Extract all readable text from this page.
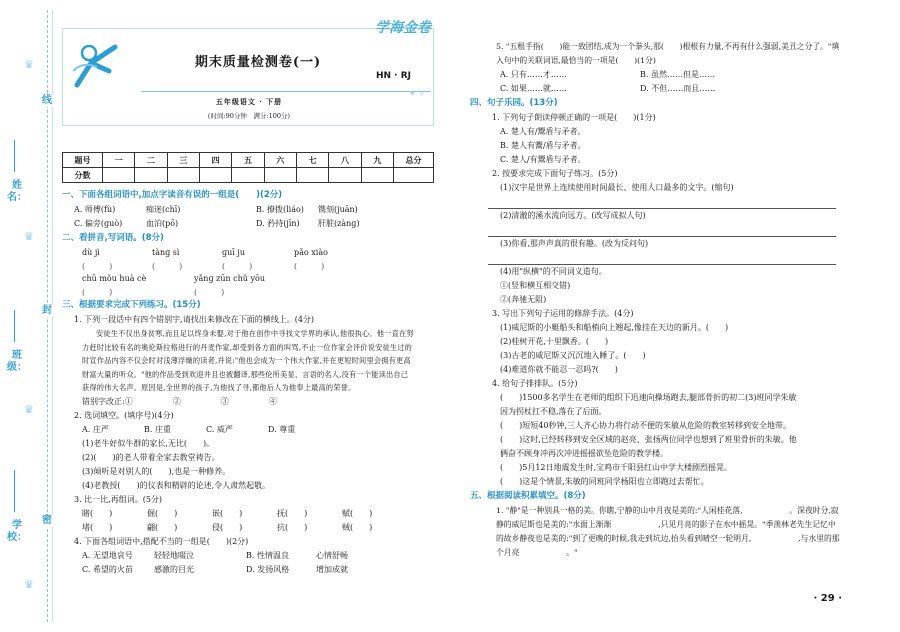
姓名：
班级：
学校：
线
封
密
♛
♛
♛
♛
学海金卷
期末质量检测卷(一)
HN · RJ
五年级语文 · 下册
(时间:90分钟　满分:100分)
✦ ✧
题号	一	二	三	四	五	六	七	八	九	总分
分数										
一、下面各组词语中,加点字读音有误的一组是(　　)(2分)
A. 师傅(fù)	痴迷(chī)	B. 撩拨(liáo)	镌刻(juān)
C. 偏旁(ɡuò)	血泊(pō)	D. 矜持(jīn)	肝脏(zànɡ)
二、看拼音,写词语。(8分)
dù jì	tànɡ sì	ɡuī ju	pǎo xiào
(　　　)	(　　　)	(　　　)	(　　　)
chū mǒu huà cè	yǎnɡ zūn chǔ yōu
(　　　)	(　　　)
三、根据要求完成下列练习。(15分)
1. 下列一段话中有四个错别字,请找出来修改在下面的横线上。(4分)
安徒生不仅出身贫寒,而且足以终身未娶,对于他在创作中寻找文学界的承认,他很执心。他一直在努力赶时比较有名的奥伦斯拉格进行的丹麦作家,却受到各方面的叫骂,不止一位作家会评价说安徒生过的时宣作品内容不仅会时对浅薄浮燥的读者,并说:"他也会成为一个伟大作家,并在更短时间里会拥有更高财富大量的听众。"他的作品受到欢迎并且也被翻译,那些伦所美显、言语的名人,没有一个能读出自己获得的伟大名声。原因是,全世界的孩子,为他找了寻,都他后人为他奉上最高的荣誉。
错别字改正:①　　　　　②　　　　　③　　　　　④　　　　　
2. 选词填空。(填序号)(4分)
A. 庄严	B. 庄重	C. 威严	D. 尊重
(1)老牛好似牛群的家长,无比(　　)。
(2)(　　)的老人带着全家去教堂祷告。
(3)倾听是对别人的(　　),也是一种修养。
(4)老教授(　　)的仪表和精辟的论述,令人肃然起敬。
3. 比一比,再组词。(5分)
睹(　　)	倔(　　)	嵌(　　)	抚(　　)	赋(　　)
堵(　　)	翩(　　)	侵(　　)	抗(　　)	贼(　　)
4. 下面各组词语中,搭配不当的一组是(　　)(2分)
A. 无望地哀号	轻轻地啜泣	B. 性情温良	心情舒畅
C. 希望的火苗	感激的目光	D. 发扬风格	增加成就
5. "五根手指(　　)能一致团结,成为一个拳头,那(　　)根根有力量,不再有什么强弱,美丑之分了。"填入句中的关联词语,最恰当的一项是(　　)(1分)
A. 只有……才……	B. 虽然……但是……
C. 如果……就……	D. 不但……而且……
四、句子乐园。(13分)
1. 下列句子朗读停顿正确的一项是(　　)(1分)
A. 楚人有/鬻盾与矛者。
B. 楚人有鬻/盾与矛者。
C. 楚人/有鬻盾与矛者。
2. 按要求完成下面句子练习。(5分)
(1)汉字是世界上连续使用时间最长、使用人口最多的文字。(缩句)
(2)清澈的溪水流向远方。(改写成拟人句)
(3)你看,那声声真的很有趣。(改为反问句)
(4)用"纵横"的不同词义造句。
①(竖和横互相交错)
②(奔驰无阻)
3. 写出下列句子运用的修辞手法。(4分)
(1)威尼斯的小艇船头和船梢向上翘起,像挂在天边的新月。(　　)
(2)桂树开花,十里飘香。(　　)
(3)古老的威尼斯又沉沉地入睡了。(　　)
(4)难道你就不能忍一忍吗?(　　)
4. 给句子排排队。(5分)
(　　)1500多名学生在老师的组织下迅速向操场跑去,腿部骨折的初二(3)班同学朱敏
因为拐杖扛不稳,落在了后面。
(　　)短短40秒钟,三人齐心协力将行动不便的朱敏从危险的教室转移到安全地带。
(　　)这时,已经转移到安全区域的赵亮、张扬两位同学也想到了班里骨折的朱敏。他
俩奋不顾身冲再次冲进摇摇欲坠危险的教学楼。
(　　)5月12日地震发生时,宝鸡市千阳县红山中学大楼剧烈摇晃。
(　　)这是个情景,朱敏的同班同学杨阳也立即跑过去帮忙。
五、根据阅读积累填空。(8分)
1. "静"是一种别具一格的美。你瞧,宁静的山中月夜是美的:"人闲桂花落,　　　　　　。深夜时分,寂静的威尼斯也是美的:"水面上渐渐　　　　　　,只见月亮的影子在水中摇晃。"季羡林老先生记忆中的故乡静夜也是美的:"到了更晚的时候,我走到坑边,抬头看到晴空一轮明月,　　　　　　,与水里的那个月亮　　　　　　。"
· 29 ·
